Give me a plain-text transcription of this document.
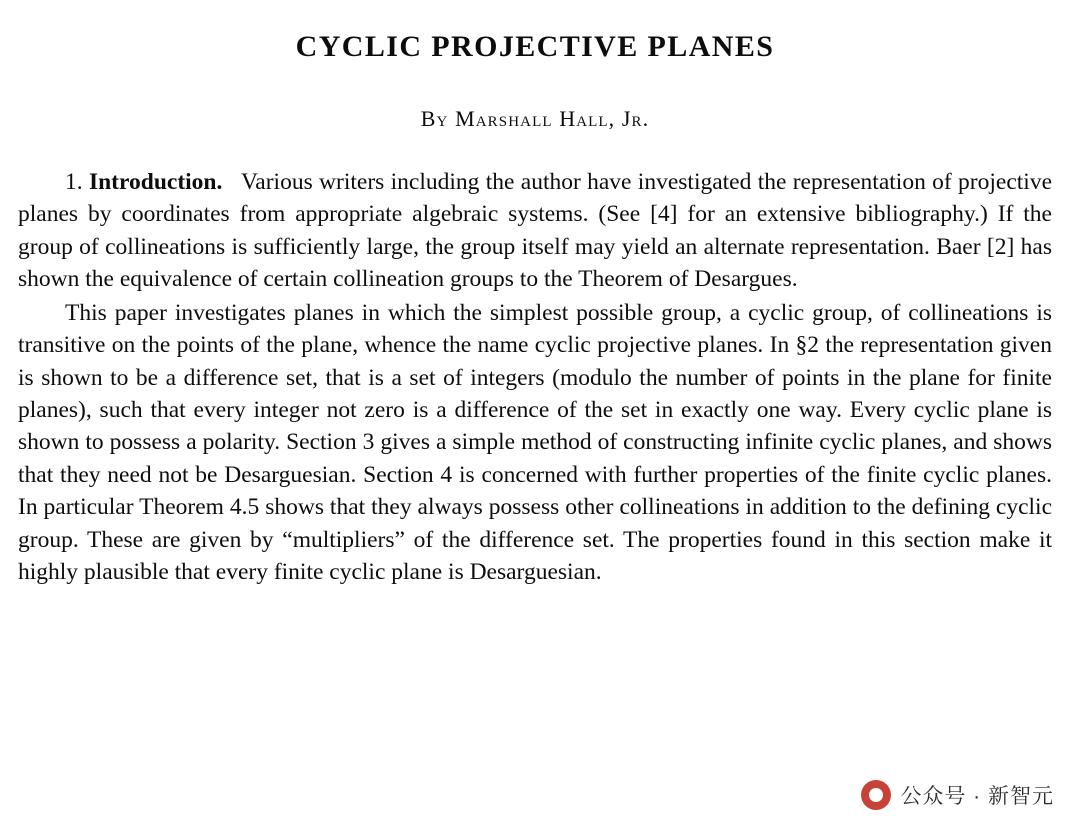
CYCLIC PROJECTIVE PLANES
By Marshall Hall, Jr.

1. Introduction. Various writers including the author have investigated the representation of projective planes by coordinates from appropriate algebraic systems. (See [4] for an extensive bibliography.) If the group of collineations is sufficiently large, the group itself may yield an alternate representation. Baer [2] has shown the equivalence of certain collineation groups to the Theorem of Desargues.

This paper investigates planes in which the simplest possible group, a cyclic group, of collineations is transitive on the points of the plane, whence the name cyclic projective planes. In §2 the representation given is shown to be a difference set, that is a set of integers (modulo the number of points in the plane for finite planes), such that every integer not zero is a difference of the set in exactly one way. Every cyclic plane is shown to possess a polarity. Section 3 gives a simple method of constructing infinite cyclic planes, and shows that they need not be Desarguesian. Section 4 is concerned with further properties of the finite cyclic planes. In particular Theorem 4.5 shows that they always possess other collineations in addition to the defining cyclic group. These are given by “multipliers” of the difference set. The properties found in this section make it highly plausible that every finite cyclic plane is Desarguesian.

公众号 · 新智元
